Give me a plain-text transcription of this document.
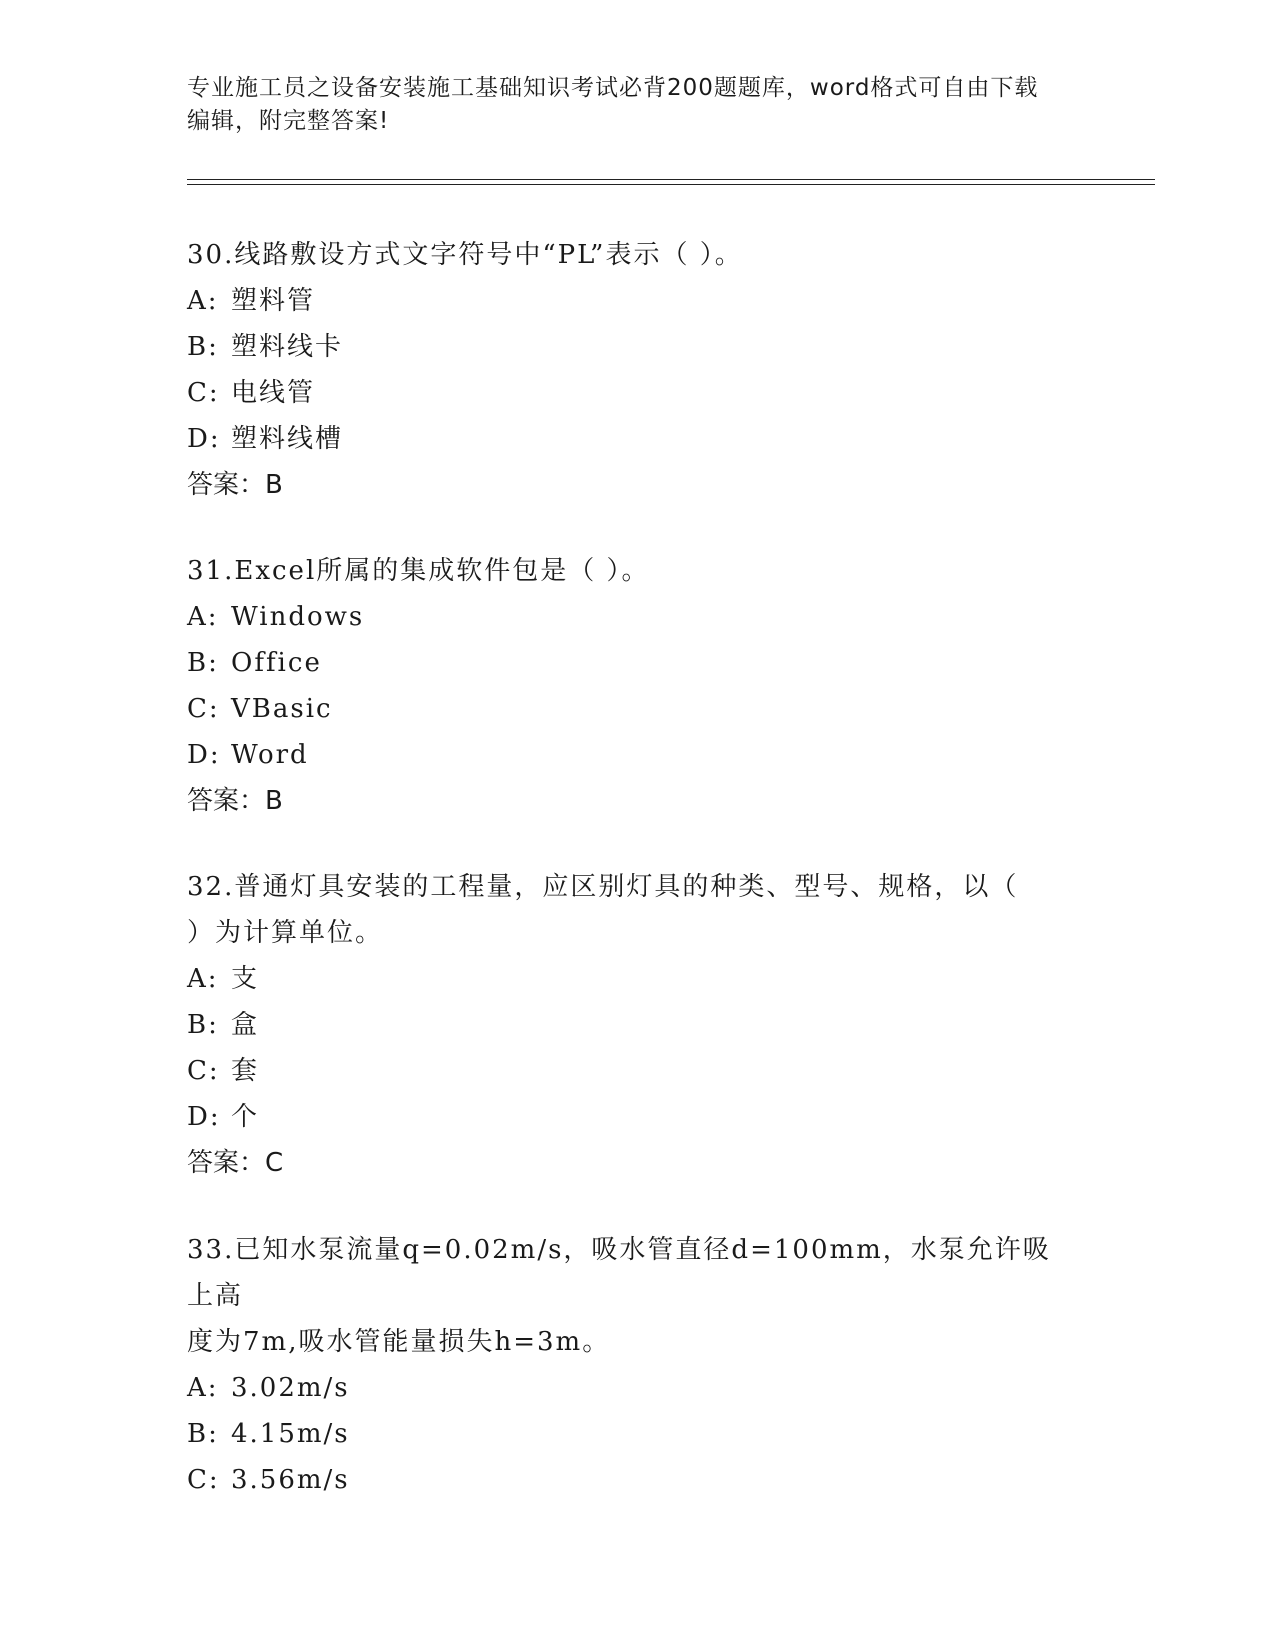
专业施工员之设备安装施工基础知识考试必背200题题库，word格式可自由下载
编辑，附完整答案!

30.线路敷设方式文字符号中“PL”表示（ ）。

A: 塑料管

B: 塑料线卡

C: 电线管

D: 塑料线槽

答案：B

31.Excel所属的集成软件包是（ ）。

A: Windows

B: Office

C: VBasic

D: Word

答案：B

32.普通灯具安装的工程量，应区别灯具的种类、型号、规格，以（

）为计算单位。

A: 支

B: 盒

C: 套

D: 个

答案：C

33.已知水泵流量q=0.02m/s，吸水管直径d=100mm，水泵允许吸上高

度为7m,吸水管能量损失h=3m。

A: 3.02m/s

B: 4.15m/s

C: 3.56m/s
